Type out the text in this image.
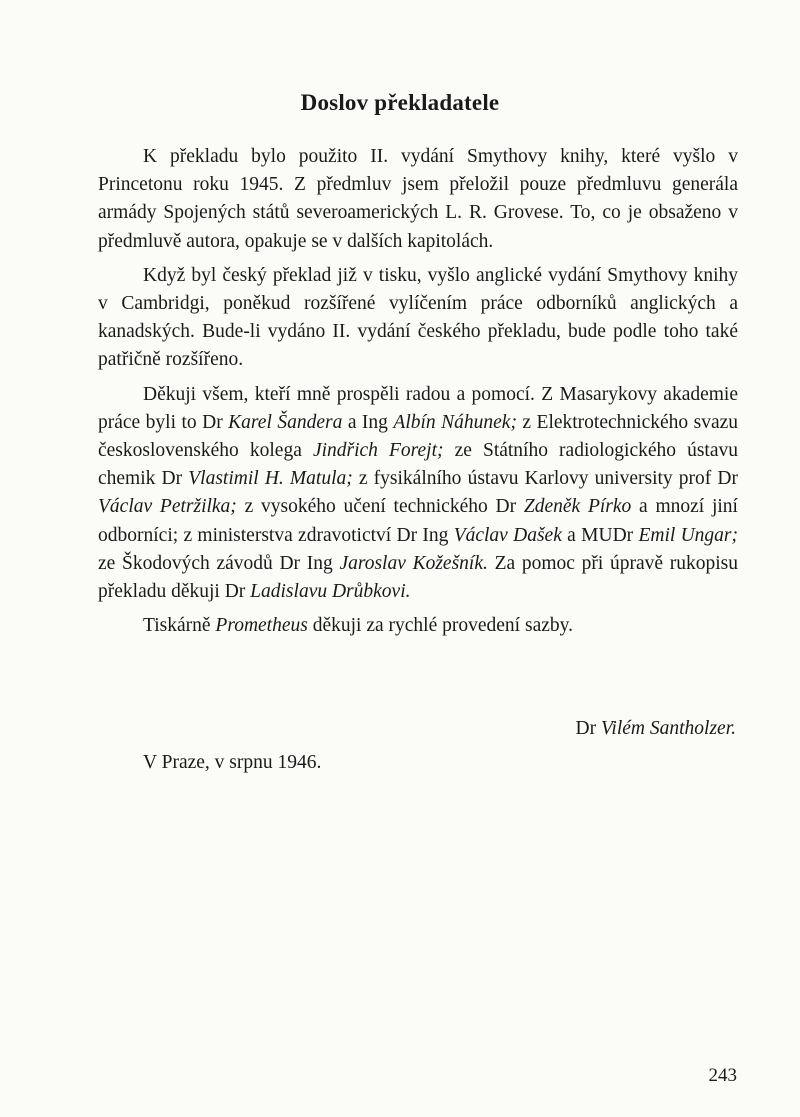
Doslov překladatele

K překladu bylo použito II. vydání Smythovy knihy, které vyšlo v Princetonu roku 1945. Z předmluv jsem přeložil pouze předmluvu generála armády Spojených států severoamerických L. R. Grovese. To, co je obsaženo v předmluvě autora, opakuje se v dalších kapitolách.

Když byl český překlad již v tisku, vyšlo anglické vydání Smythovy knihy v Cambridgi, poněkud rozšířené vylíčením práce odborníků anglických a kanadských. Bude-li vydáno II. vydání českého překladu, bude podle toho také patřičně rozšířeno.

Děkuji všem, kteří mně prospěli radou a pomocí. Z Masarykovy akademie práce byli to Dr Karel Šandera a Ing Albín Náhunek; z Elektrotechnického svazu československého kolega Jindřich Forejt; ze Státního radiologického ústavu chemik Dr Vlastimil H. Matula; z fysikálního ústavu Karlovy university prof Dr Václav Petržilka; z vysokého učení technického Dr Zdeněk Pírko a mnozí jiní odborníci; z ministerstva zdravotictví Dr Ing Václav Dašek a MUDr Emil Ungar; ze Škodových závodů Dr Ing Jaroslav Kožešník. Za pomoc při úpravě rukopisu překladu děkuji Dr Ladislavu Drůbkovi.

Tiskárně Prometheus děkuji za rychlé provedení sazby.

Dr Vilém Santholzer.
V Praze, v srpnu 1946.
243
